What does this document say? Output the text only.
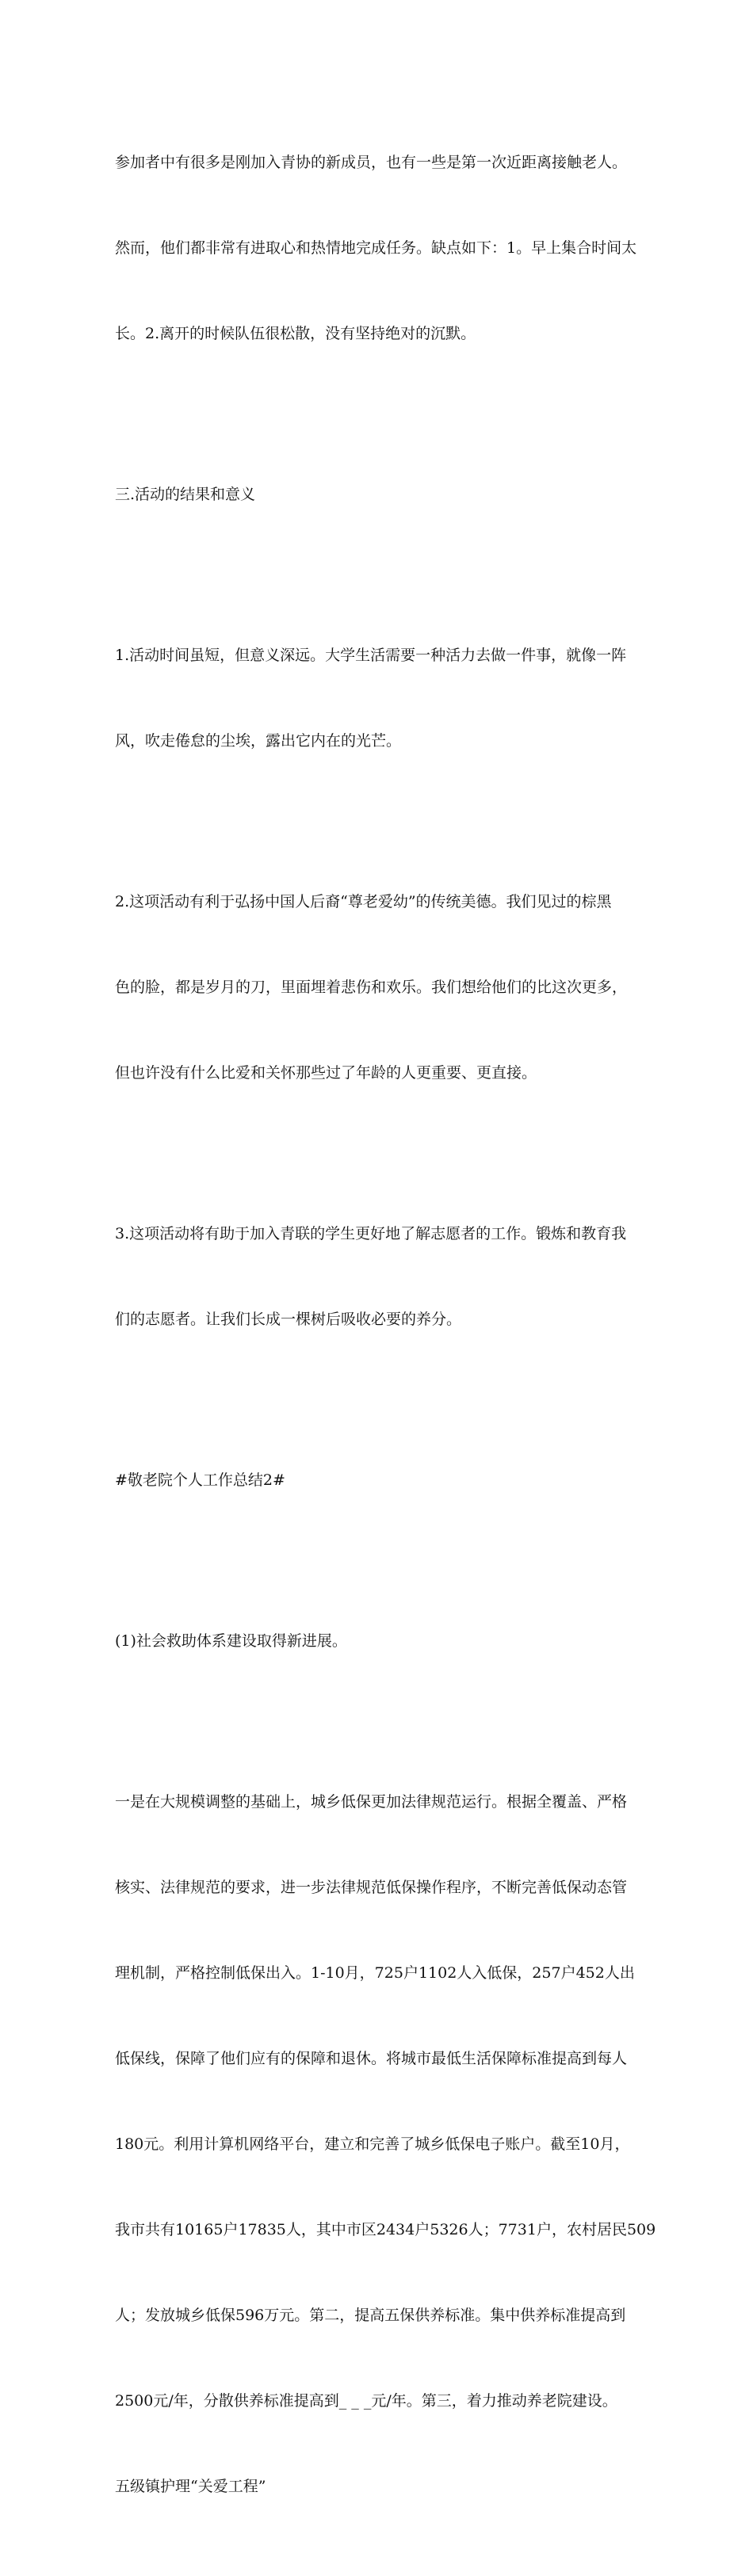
参加者中有很多是刚加入青协的新成员，也有一些是第一次近距离接触老人。

然而，他们都非常有进取心和热情地完成任务。缺点如下：1。早上集合时间太

长。2.离开的时候队伍很松散，没有坚持绝对的沉默。

三.活动的结果和意义

1.活动时间虽短，但意义深远。大学生活需要一种活力去做一件事，就像一阵

风，吹走倦怠的尘埃，露出它内在的光芒。

2.这项活动有利于弘扬中国人后裔“尊老爱幼”的传统美德。我们见过的棕黑

色的脸，都是岁月的刀，里面埋着悲伤和欢乐。我们想给他们的比这次更多，

但也许没有什么比爱和关怀那些过了年龄的人更重要、更直接。

3.这项活动将有助于加入青联的学生更好地了解志愿者的工作。锻炼和教育我

们的志愿者。让我们长成一棵树后吸收必要的养分。

#敬老院个人工作总结2#

(1)社会救助体系建设取得新进展。

一是在大规模调整的基础上，城乡低保更加法律规范运行。根据全覆盖、严格

核实、法律规范的要求，进一步法律规范低保操作程序，不断完善低保动态管

理机制，严格控制低保出入。1-10月，725户1102人入低保，257户452人出

低保线，保障了他们应有的保障和退休。将城市最低生活保障标准提高到每人

180元。利用计算机网络平台，建立和完善了城乡低保电子账户。截至10月，

我市共有10165户17835人，其中市区2434户5326人；7731户，农村居民509

人；发放城乡低保596万元。第二，提高五保供养标准。集中供养标准提高到

2500元/年，分散供养标准提高到_ _ _元/年。第三，着力推动养老院建设。

五级镇护理“关爱工程”
